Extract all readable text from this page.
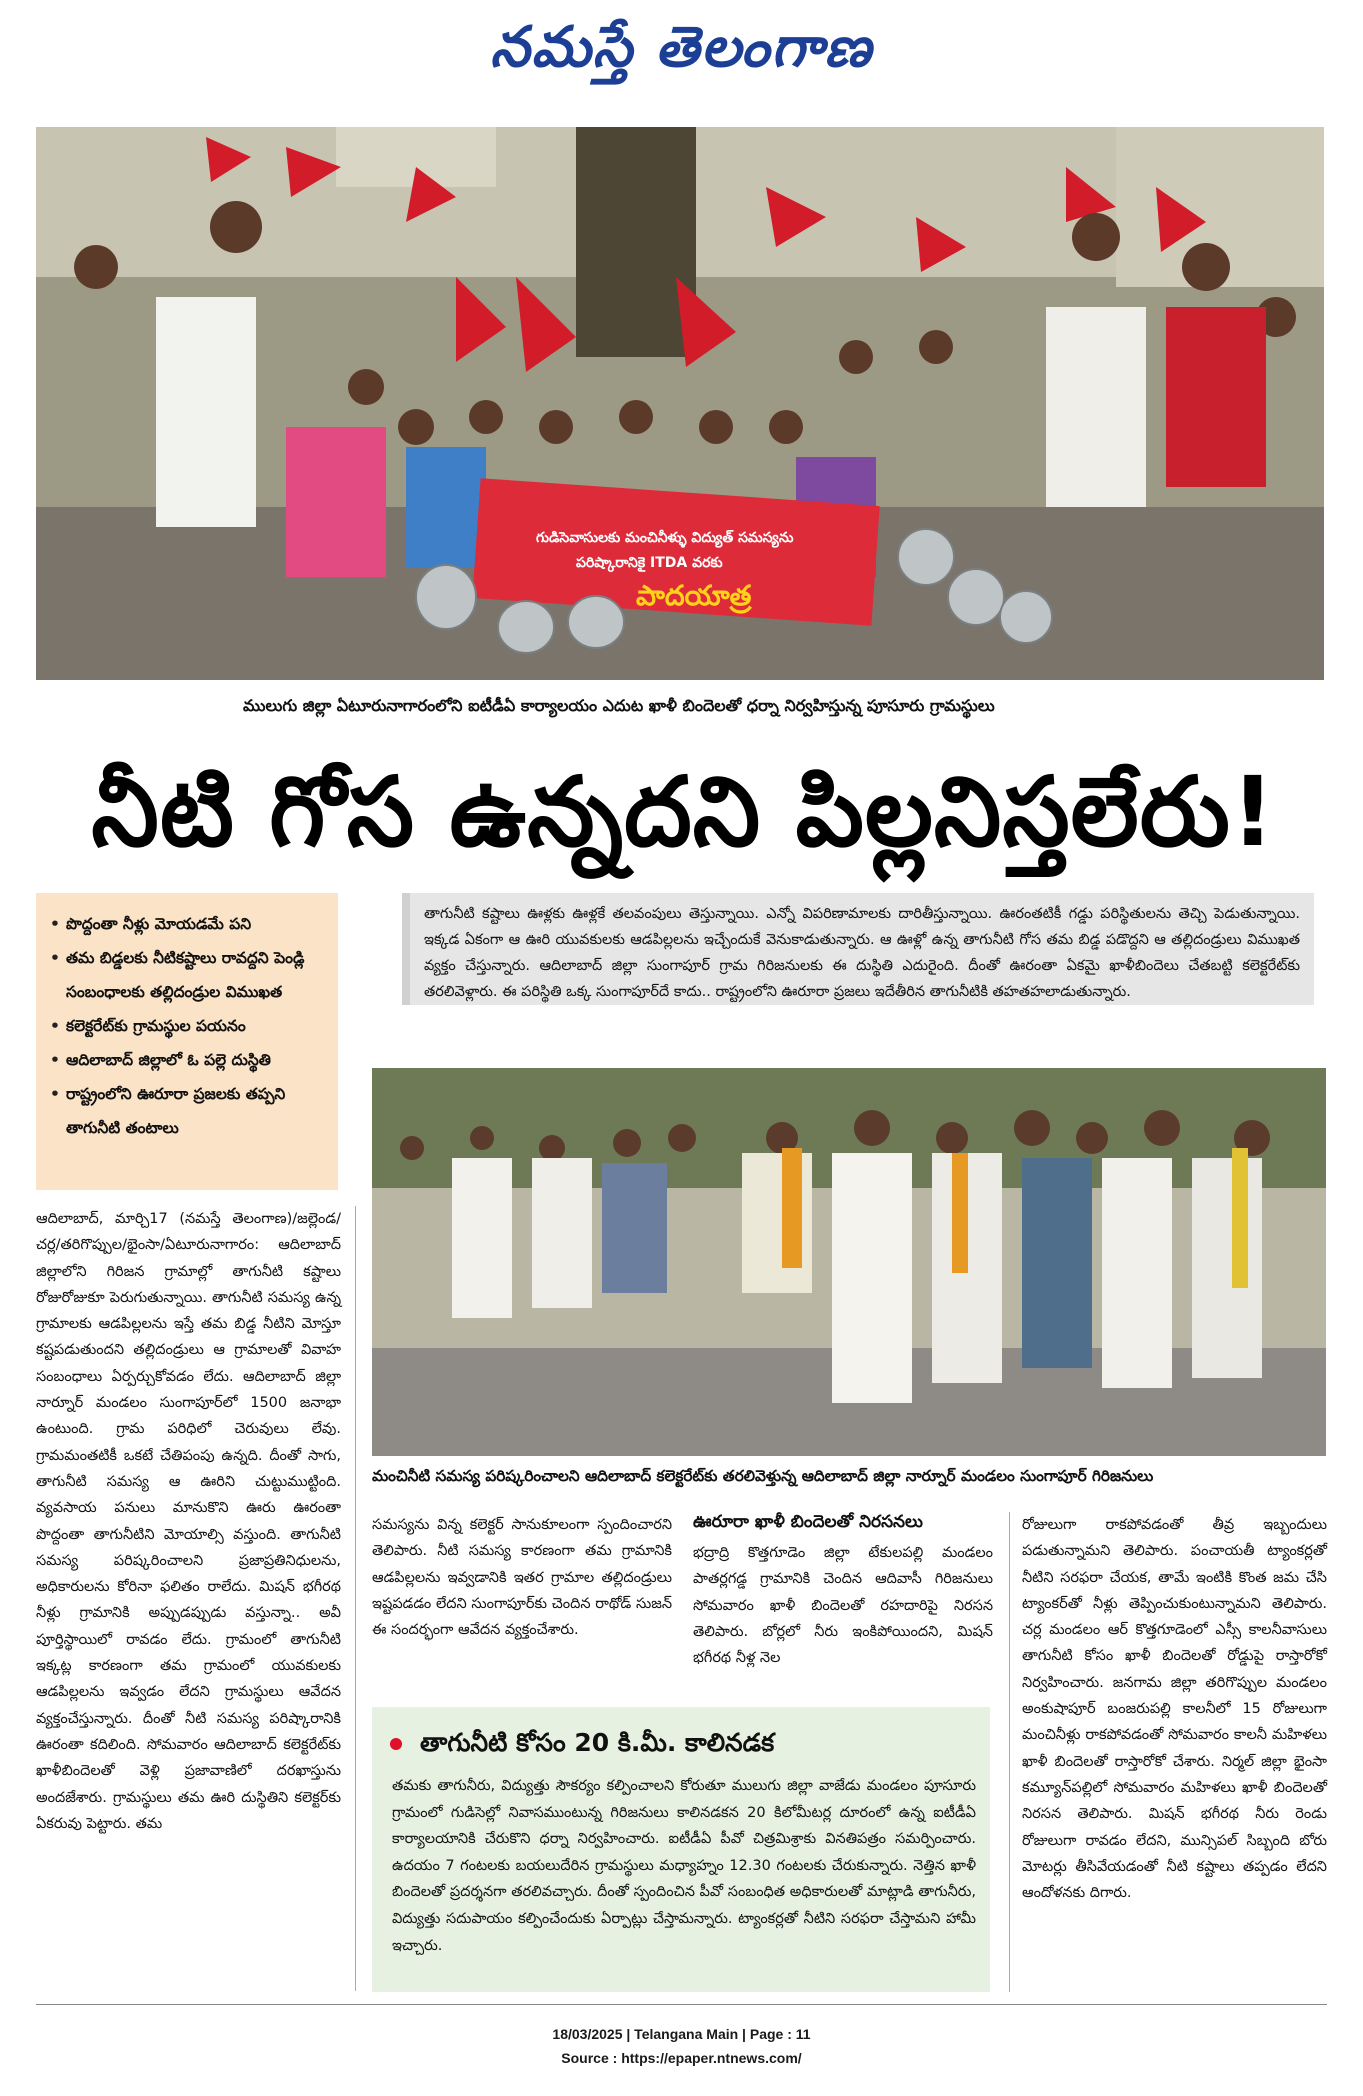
నమస్తే తెలంగాణ
గుడిసెవాసులకు మంచినీళ్ళు విద్యుత్ సమస్యను
పరిష్కారానికై ITDA వరకు
పాదయాత్ర
ములుగు జిల్లా ఏటూరునాగారంలోని ఐటీడీఏ కార్యాలయం ఎదుట ఖాళీ బిందెలతో ధర్నా నిర్వహిస్తున్న పూసూరు గ్రామస్థులు
నీటి గోస ఉన్నదని పిల్లనిస్తలేరు!
• పొద్దంతా నీళ్లు మోయడమే పని
• తమ బిడ్డలకు నీటికష్టాలు రావద్దని పెండ్లి సంబంధాలకు తల్లిదండ్రుల విముఖత
• కలెక్టరేట్‌కు గ్రామస్థుల పయనం
• ఆదిలాబాద్ జిల్లాలో ఓ పల్లె దుస్థితి
• రాష్ట్రంలోని ఊరూరా ప్రజలకు తప్పని తాగునీటి తంటాలు
తాగునీటి కష్టాలు ఊళ్లకు ఊళ్లకే తలవంపులు తెస్తున్నాయి. ఎన్నో విపరిణామాలకు దారితీస్తున్నాయి. ఊరంతటికీ గడ్డు పరిస్థితులను తెచ్చి పెడుతున్నాయి. ఇక్కడ ఏకంగా ఆ ఊరి యువకులకు ఆడపిల్లలను ఇచ్చేందుకే వెనుకాడుతున్నారు. ఆ ఊళ్లో ఉన్న తాగునీటి గోస తమ బిడ్డ పడొద్దని ఆ తల్లిదండ్రులు విముఖత వ్యక్తం చేస్తున్నారు. ఆదిలాబాద్ జిల్లా సుంగాపూర్ గ్రామ గిరిజనులకు ఈ దుస్థితి ఎదురైంది. దీంతో ఊరంతా ఏకమై ఖాళీబిందెలు చేతబట్టి కలెక్టరేట్‌కు తరలివెళ్లారు. ఈ పరిస్థితి ఒక్క సుంగాపూర్‌దే కాదు.. రాష్ట్రంలోని ఊరూరా ప్రజలు ఇదేతీరిన తాగునీటికి తహతహలాడుతున్నారు.
మంచినీటి సమస్య పరిష్కరించాలని ఆదిలాబాద్ కలెక్టరేట్‌కు తరలివెళ్తున్న ఆదిలాబాద్ జిల్లా నార్నూర్ మండలం సుంగాపూర్ గిరిజనులు

ఆదిలాబాద్, మార్చి17 (నమస్తే తెలంగాణ)/జల్లెండ/చర్ల/తరిగొప్పుల/భైంసా/ఏటూరునాగారం: ఆదిలాబాద్ జిల్లాలోని గిరిజన గ్రామాల్లో తాగునీటి కష్టాలు రోజురోజుకూ పెరుగుతున్నాయి. తాగునీటి సమస్య ఉన్న గ్రామాలకు ఆడపిల్లలను ఇస్తే తమ బిడ్డ నీటిని మోస్తూ కష్టపడుతుందని తల్లిదండ్రులు ఆ గ్రామాలతో వివాహ సంబంధాలు ఏర్పర్చుకోవడం లేదు. ఆదిలాబాద్ జిల్లా నార్నూర్ మండలం సుంగాపూర్‌లో 1500 జనాభా ఉంటుంది. గ్రామ పరిధిలో చెరువులు లేవు. గ్రామమంతటికీ ఒకటే చేతిపంపు ఉన్నది. దీంతో సాగు, తాగునీటి సమస్య ఆ ఊరిని చుట్టుముట్టింది. వ్యవసాయ పనులు మానుకొని ఊరు ఊరంతా పొద్దంతా తాగునీటిని మోయాల్సి వస్తుంది. తాగునీటి సమస్య పరిష్కరించాలని ప్రజాప్రతినిధులను, అధికారులను కోరినా ఫలితం రాలేదు. మిషన్ భగీరథ నీళ్లు గ్రామానికి అప్పుడప్పుడు వస్తున్నా.. అవీ పూర్తిస్థాయిలో రావడం లేదు. గ్రామంలో తాగునీటి ఇక్కట్ల కారణంగా తమ గ్రామంలో యువకులకు ఆడపిల్లలను ఇవ్వడం లేదని గ్రామస్థులు ఆవేదన వ్యక్తంచేస్తున్నారు. దీంతో నీటి సమస్య పరిష్కారానికి ఊరంతా కదిలింది. సోమవారం ఆదిలాబాద్ కలెక్టరేట్‌కు ఖాళీబిందెలతో వెళ్లి ప్రజావాణిలో దరఖాస్తును అందజేశారు. గ్రామస్థులు తమ ఊరి దుస్థితిని కలెక్టర్‌కు ఏకరువు పెట్టారు. తమ

సమస్యను విన్న కలెక్టర్ సానుకూలంగా స్పందించారని తెలిపారు. నీటి సమస్య కారణంగా తమ గ్రామానికి ఆడపిల్లలను ఇవ్వడానికి ఇతర గ్రామాల తల్లిదండ్రులు ఇష్టపడడం లేదని సుంగాపూర్‌కు చెందిన రాథోడ్ సుజన్ ఈ సందర్భంగా ఆవేదన వ్యక్తంచేశారు.

ఊరూరా ఖాళీ బిందెలతో నిరసనలు

భద్రాద్రి కొత్తగూడెం జిల్లా టేకులపల్లి మండలం పాతర్లగడ్డ గ్రామానికి చెందిన ఆదివాసీ గిరిజనులు సోమవారం ఖాళీ బిందెలతో రహదారిపై నిరసన తెలిపారు. బోర్లలో నీరు ఇంకిపోయిందని, మిషన్ భగీరథ నీళ్ల నెల

రోజులుగా రాకపోవడంతో తీవ్ర ఇబ్బందులు పడుతున్నామని తెలిపారు. పంచాయతీ ట్యాంకర్లతో నీటిని సరఫరా చేయక, తామే ఇంటికి కొంత జమ చేసి ట్యాంకర్‌తో నీళ్లు తెప్పించుకుంటున్నామని తెలిపారు. చర్ల మండలం ఆర్ కొత్తగూడెంలో ఎస్సీ కాలనీవాసులు తాగునీటి కోసం ఖాళీ బిందెలతో రోడ్డుపై రాస్తారోకో నిర్వహించారు. జనగామ జిల్లా తరిగొప్పుల మండలం అంకుషాపూర్ బంజరుపల్లి కాలనీలో 15 రోజులుగా మంచినీళ్లు రాకపోవడంతో సోమవారం కాలనీ మహిళలు ఖాళీ బిందెలతో రాస్తారోకో చేశారు. నిర్మల్ జిల్లా భైంసా కమ్యూన్‌పల్లిలో సోమవారం మహిళలు ఖాళీ బిందెలతో నిరసన తెలిపారు. మిషన్ భగీరథ నీరు రెండు రోజులుగా రావడం లేదని, మున్సిపల్ సిబ్బంది బోరు మోటర్లు తీసివేయడంతో నీటి కష్టాలు తప్పడం లేదని ఆందోళనకు దిగారు.

తాగునీటి కోసం 20 కి.మీ. కాలినడక
తమకు తాగునీరు, విద్యుత్తు సౌకర్యం కల్పించాలని కోరుతూ ములుగు జిల్లా వాజేడు మండలం పూసూరు గ్రామంలో గుడిసెల్లో నివాసముంటున్న గిరిజనులు కాలినడకన 20 కిలోమీటర్ల దూరంలో ఉన్న ఐటీడీఏ కార్యాలయానికి చేరుకొని ధర్నా నిర్వహించారు. ఐటీడీఏ పీవో చిత్రమిశ్రాకు వినతిపత్రం సమర్పించారు. ఉదయం 7 గంటలకు బయలుదేరిన గ్రామస్థులు మధ్యాహ్నం 12.30 గంటలకు చేరుకున్నారు. నెత్తిన ఖాళీ బిందెలతో ప్రదర్శనగా తరలివచ్చారు. దీంతో స్పందించిన పీవో సంబంధిత అధికారులతో మాట్లాడి తాగునీరు, విద్యుత్తు సదుపాయం కల్పించేందుకు ఏర్పాట్లు చేస్తామన్నారు. ట్యాంకర్లతో నీటిని సరఫరా చేస్తామని హామీ ఇచ్చారు.
18/03/2025 | Telangana Main | Page : 11
Source : https://epaper.ntnews.com/
